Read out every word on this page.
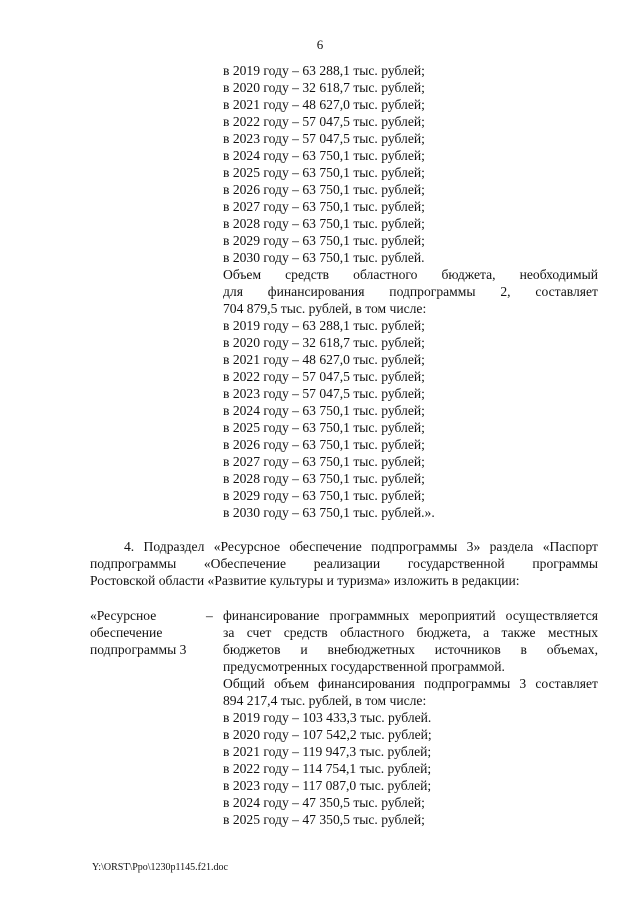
6
в 2019 году – 63 288,1 тыс. рублей;
в 2020 году – 32 618,7 тыс. рублей;
в 2021 году – 48 627,0 тыс. рублей;
в 2022 году – 57 047,5 тыс. рублей;
в 2023 году – 57 047,5 тыс. рублей;
в 2024 году – 63 750,1 тыс. рублей;
в 2025 году – 63 750,1 тыс. рублей;
в 2026 году – 63 750,1 тыс. рублей;
в 2027 году – 63 750,1 тыс. рублей;
в 2028 году – 63 750,1 тыс. рублей;
в 2029 году – 63 750,1 тыс. рублей;
в 2030 году – 63 750,1 тыс. рублей.
Объем средств областного бюджета, необходимый
для финансирования подпрограммы 2, составляет
704 879,5 тыс. рублей, в том числе:
в 2019 году – 63 288,1 тыс. рублей;
в 2020 году – 32 618,7 тыс. рублей;
в 2021 году – 48 627,0 тыс. рублей;
в 2022 году – 57 047,5 тыс. рублей;
в 2023 году – 57 047,5 тыс. рублей;
в 2024 году – 63 750,1 тыс. рублей;
в 2025 году – 63 750,1 тыс. рублей;
в 2026 году – 63 750,1 тыс. рублей;
в 2027 году – 63 750,1 тыс. рублей;
в 2028 году – 63 750,1 тыс. рублей;
в 2029 году – 63 750,1 тыс. рублей;
в 2030 году – 63 750,1 тыс. рублей.».
4. Подраздел «Ресурсное обеспечение подпрограммы 3» раздела «Паспорт
подпрограммы «Обеспечение реализации государственной программы
Ростовской области «Развитие культуры и туризма» изложить в редакции:
«Ресурсное
обеспечение
подпрограммы 3
– финансирование программных мероприятий осуществляется
за счет средств областного бюджета, а также местных
бюджетов и внебюджетных источников в объемах,
предусмотренных государственной программой.
Общий объем финансирования подпрограммы 3 составляет
894 217,4 тыс. рублей, в том числе:
в 2019 году – 103 433,3 тыс. рублей.
в 2020 году – 107 542,2 тыс. рублей;
в 2021 году – 119 947,3 тыс. рублей;
в 2022 году – 114 754,1 тыс. рублей;
в 2023 году – 117 087,0 тыс. рублей;
в 2024 году – 47 350,5 тыс. рублей;
в 2025 году – 47 350,5 тыс. рублей;
Y:\ORST\Ppo\1230p1145.f21.doc
